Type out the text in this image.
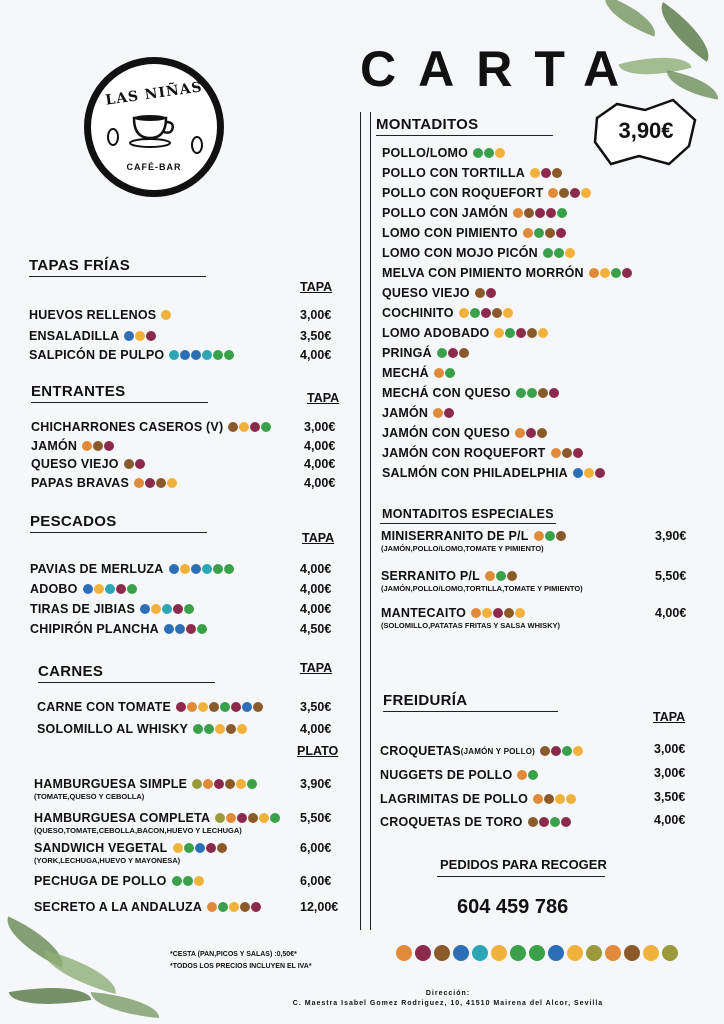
LAS NIÑAS
CAFÉ-BAR
CARTA
3,90€
PEDIDOS PARA RECOGER
604 459 786
*CESTA (PAN,PICOS Y SALAS) :0,50€*
*TODOS LOS PRECIOS INCLUYEN EL IVA*
Dirección:
C. Maestra Isabel Gomez Rodriguez, 10, 41510 Mairena del Alcor, Sevilla
TAPAS FRÍAS
TAPA
HUEVOS RELLENOS	3,00€
ENSALADILLA	3,50€
SALPICÓN DE PULPO	4,00€
ENTRANTES	TAPA
CHICHARRONES CASEROS (V)	3,00€
JAMÓN	4,00€
QUESO VIEJO	4,00€
PAPAS BRAVAS	4,00€
PESCADOS
TAPA
PAVIAS DE MERLUZA	4,00€
ADOBO	4,00€
TIRAS DE JIBIAS	4,00€
CHIPIRÓN PLANCHA	4,50€
CARNES	TAPA
PLATO
CARNE CON TOMATE	3,50€
SOLOMILLO AL WHISKY	4,00€
HAMBURGUESA SIMPLE	3,90€
(TOMATE,QUESO Y CEBOLLA)
HAMBURGUESA COMPLETA	5,50€
(QUESO,TOMATE,CEBOLLA,BACON,HUEVO Y LECHUGA)
SANDWICH VEGETAL	6,00€
(YORK,LECHUGA,HUEVO Y MAYONESA)
PECHUGA DE POLLO	6,00€
SECRETO A LA ANDALUZA	12,00€
MONTADITOS
POLLO/LOMO
POLLO CON TORTILLA
POLLO CON ROQUEFORT
POLLO CON JAMÓN
LOMO CON PIMIENTO
LOMO CON MOJO PICÓN
MELVA CON PIMIENTO MORRÓN
QUESO VIEJO
COCHINITO
LOMO ADOBADO
PRINGÁ
MECHÁ
MECHÁ CON QUESO
JAMÓN
JAMÓN CON QUESO
JAMÓN CON ROQUEFORT
SALMÓN CON PHILADELPHIA
MONTADITOS ESPECIALES
MINISERRANITO DE P/L	3,90€
(JAMÓN,POLLO/LOMO,TOMATE Y PIMIENTO)
SERRANITO P/L	5,50€
(JAMÓN,POLLO/LOMO,TORTILLA,TOMATE Y PIMIENTO)
MANTECAITO	4,00€
(SOLOMILLO,PATATAS FRITAS Y SALSA WHISKY)
FREIDURÍA
TAPA
CROQUETAS (JAMÓN Y POLLO)	3,00€
NUGGETS DE POLLO	3,00€
LAGRIMITAS DE POLLO	3,50€
CROQUETAS DE TORO	4,00€
